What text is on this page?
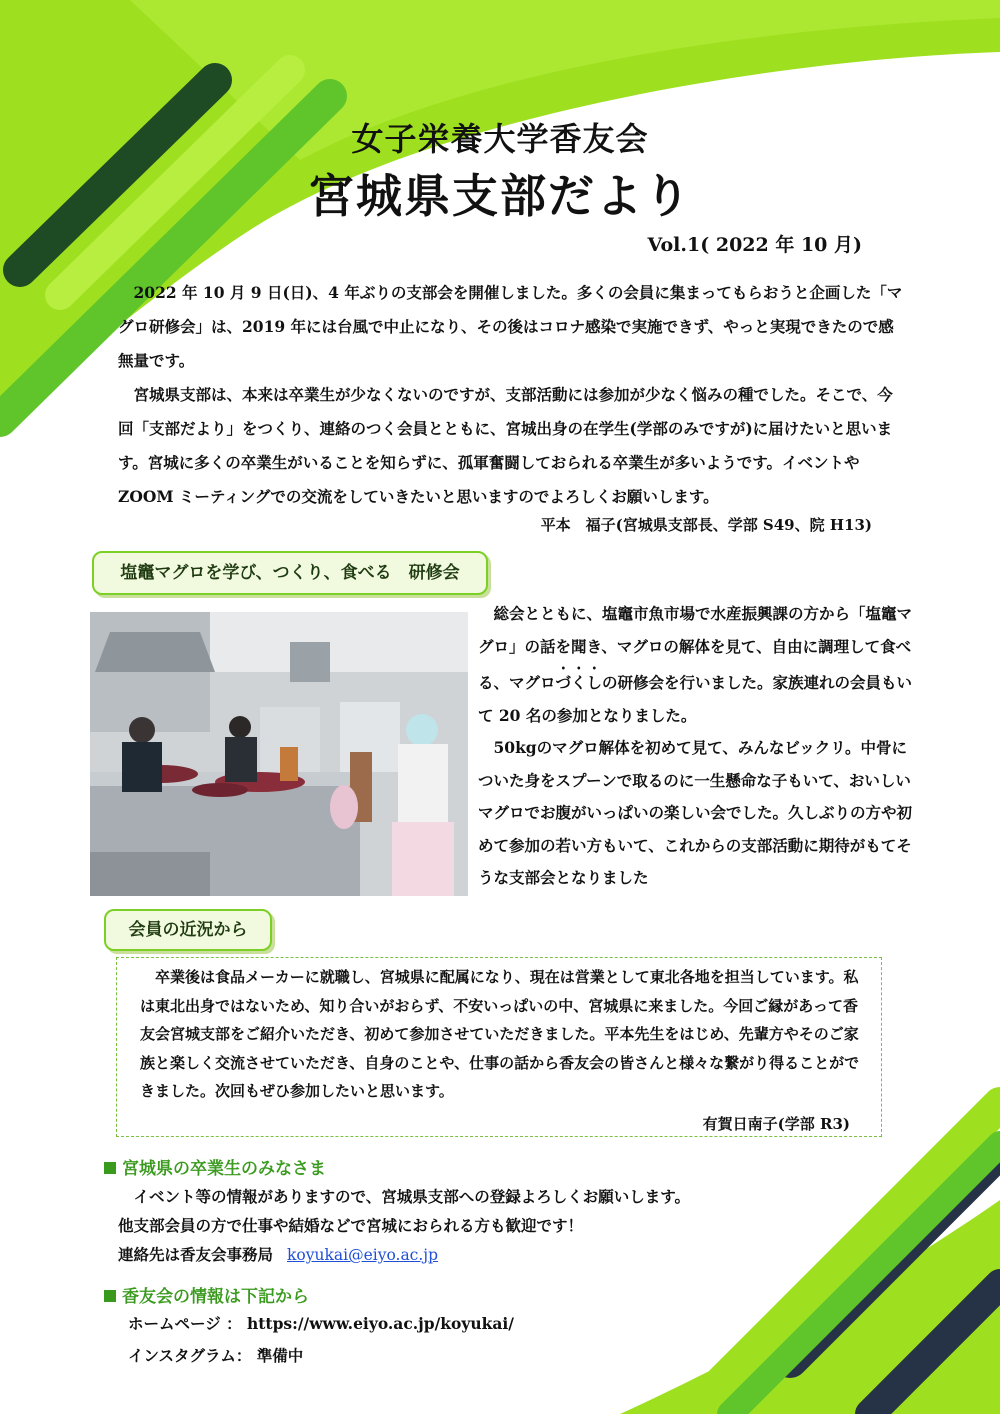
女子栄養大学香友会
宮城県支部だより
Vol.1( 2022 年 10 月)

2022 年 10 月 9 日(日)、4 年ぶりの支部会を開催しました。多くの会員に集まってもらおうと企画した「マグロ研修会」は、2019 年には台風で中止になり、その後はコロナ感染で実施できず、やっと実現できたので感無量です。

宮城県支部は、本来は卒業生が少なくないのですが、支部活動には参加が少なく悩みの種でした。そこで、今回「支部だより」をつくり、連絡のつく会員とともに、宮城出身の在学生(学部のみですが)に届けたいと思います。宮城に多くの卒業生がいることを知らずに、孤軍奮闘しておられる卒業生が多いようです。イベントや ZOOM ミーティングでの交流をしていきたいと思いますのでよろしくお願いします。

平本　福子(宮城県支部長、学部 S49、院 H13)
塩竈マグロを学び、つくり、食べる　研修会

総会とともに、塩竈市魚市場で水産振興課の方から「塩竈マグロ」の話を聞き、マグロの解体を見て、自由に調理して食べる、マグロづくしの研修会を行いました。家族連れの会員もいて 20 名の参加となりました。

50kgのマグロ解体を初めて見て、みんなビックリ。中骨についた身をスプーンで取るのに一生懸命な子もいて、おいしいマグロでお腹がいっぱいの楽しい会でした。久しぶりの方や初めて参加の若い方もいて、これからの支部活動に期待がもてそうな支部会となりました

会員の近況から

卒業後は食品メーカーに就職し、宮城県に配属になり、現在は営業として東北各地を担当しています。私は東北出身ではないため、知り合いがおらず、不安いっぱいの中、宮城県に来ました。今回ご縁があって香友会宮城支部をご紹介いただき、初めて参加させていただきました。平本先生をはじめ、先輩方やそのご家族と楽しく交流させていただき、自身のことや、仕事の話から香友会の皆さんと様々な繋がり得ることができました。次回もぜひ参加したいと思います。

有賀日南子(学部 R3)
宮城県の卒業生のみなさま
イベント等の情報がありますので、宮城県支部への登録よろしくお願いします。
他支部会員の方で仕事や結婚などで宮城におられる方も歓迎です！
連絡先は香友会事務局 koyukai@eiyo.ac.jp
香友会の情報は下記から
ホームページ ： https://www.eiyo.ac.jp/koyukai/
インスタグラム： 準備中
